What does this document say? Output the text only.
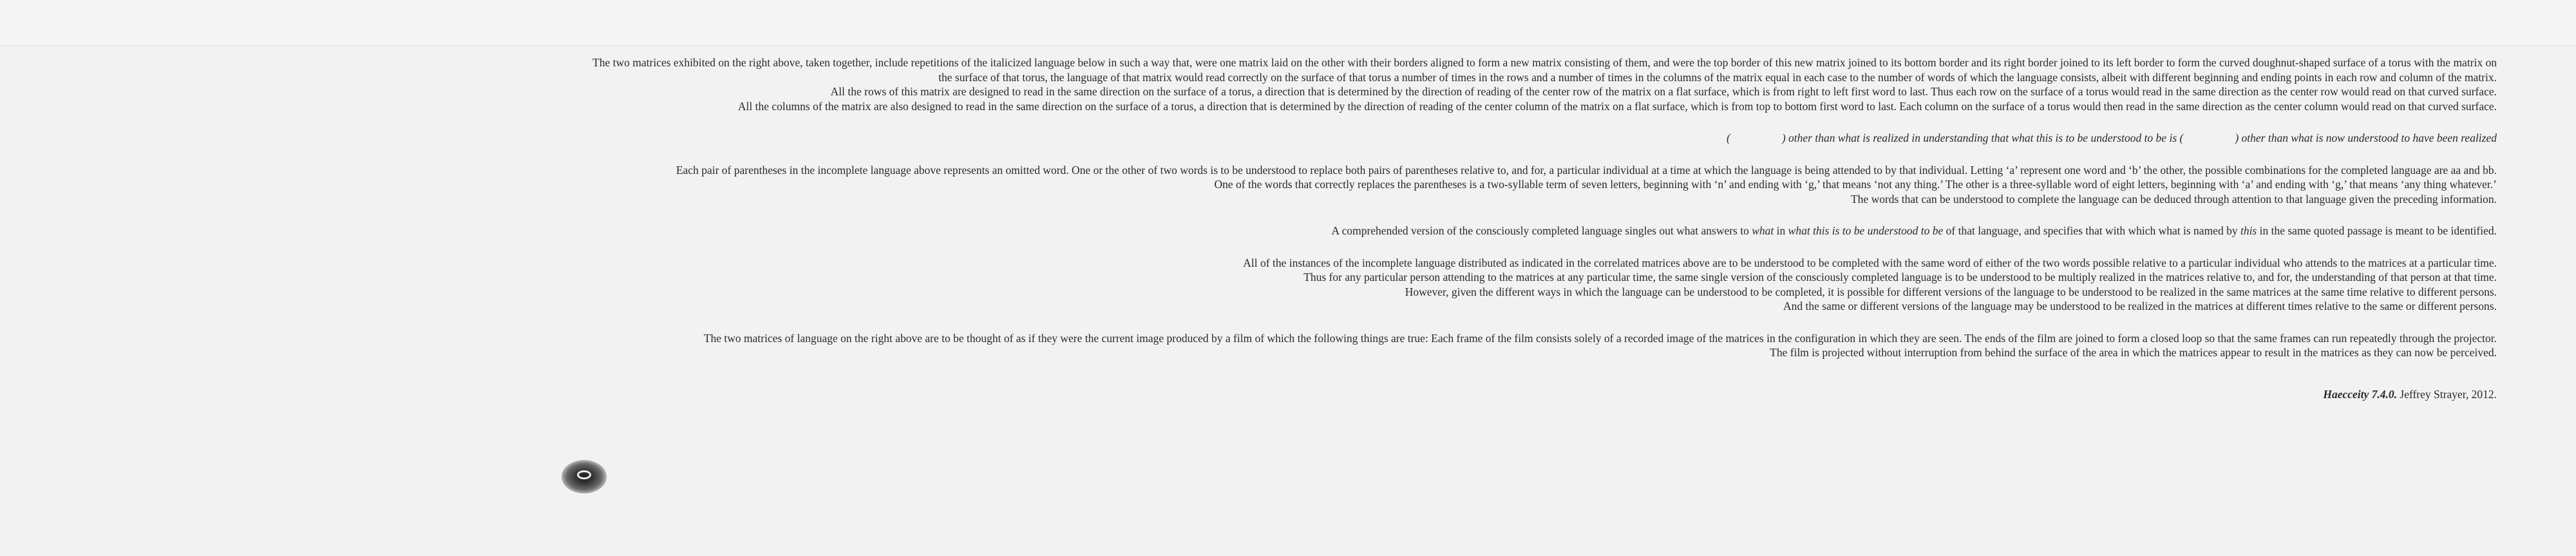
The two matrices exhibited on the right above, taken together, include repetitions of the italicized language below in such a way that, were one matrix laid on the other with their borders aligned to form a new matrix consisting of them, and were the top border of this new matrix joined to its bottom border and its right border joined to its left border to form the curved doughnut-shaped surface of a torus with the matrix on

the surface of that torus, the language of that matrix would read correctly on the surface of that torus a number of times in the rows and a number of times in the columns of the matrix equal in each case to the number of words of which the language consists, albeit with different beginning and ending points in each row and column of the matrix.

All the rows of this matrix are designed to read in the same direction on the surface of a torus, a direction that is determined by the direction of reading of the center row of the matrix on a flat surface, which is from right to left first word to last. Thus each row on the surface of a torus would read in the same direction as the center row would read on that curved surface.

All the columns of the matrix are also designed to read in the same direction on the surface of a torus, a direction that is determined by the direction of reading of the center column of the matrix on a flat surface, which is from top to bottom first word to last. Each column on the surface of a torus would then read in the same direction as the center column would read on that curved surface.

(	) other than what is realized in understanding that what this is to be understood to be is (	) other than what is now understood to have been realized

Each pair of parentheses in the incomplete language above represents an omitted word. One or the other of two words is to be understood to replace both pairs of parentheses relative to, and for, a particular individual at a time at which the language is being attended to by that individual. Letting ‘a’ represent one word and ‘b’ the other, the possible combinations for the completed language are aa and bb.

One of the words that correctly replaces the parentheses is a two-syllable term of seven letters, beginning with ‘n’ and ending with ‘g,’ that means ‘not any thing.’ The other is a three-syllable word of eight letters, beginning with ‘a’ and ending with ‘g,’ that means ‘any thing whatever.’

The words that can be understood to complete the language can be deduced through attention to that language given the preceding information.

A comprehended version of the consciously completed language singles out what answers to what in what this is to be understood to be of that language, and specifies that with which what is named by this in the same quoted passage is meant to be identified.

All of the instances of the incomplete language distributed as indicated in the correlated matrices above are to be understood to be completed with the same word of either of the two words possible relative to a particular individual who attends to the matrices at a particular time.

Thus for any particular person attending to the matrices at any particular time, the same single version of the consciously completed language is to be understood to be multiply realized in the matrices relative to, and for, the understanding of that person at that time.

However, given the different ways in which the language can be understood to be completed, it is possible for different versions of the language to be understood to be realized in the same matrices at the same time relative to different persons.

And the same or different versions of the language may be understood to be realized in the matrices at different times relative to the same or different persons.

The two matrices of language on the right above are to be thought of as if they were the current image produced by a film of which the following things are true: Each frame of the film consists solely of a recorded image of the matrices in the configuration in which they are seen. The ends of the film are joined to form a closed loop so that the same frames can run repeatedly through the projector.

The film is projected without interruption from behind the surface of the area in which the matrices appear to result in the matrices as they can now be perceived.

Haecceity 7.4.0. Jeffrey Strayer, 2012.
